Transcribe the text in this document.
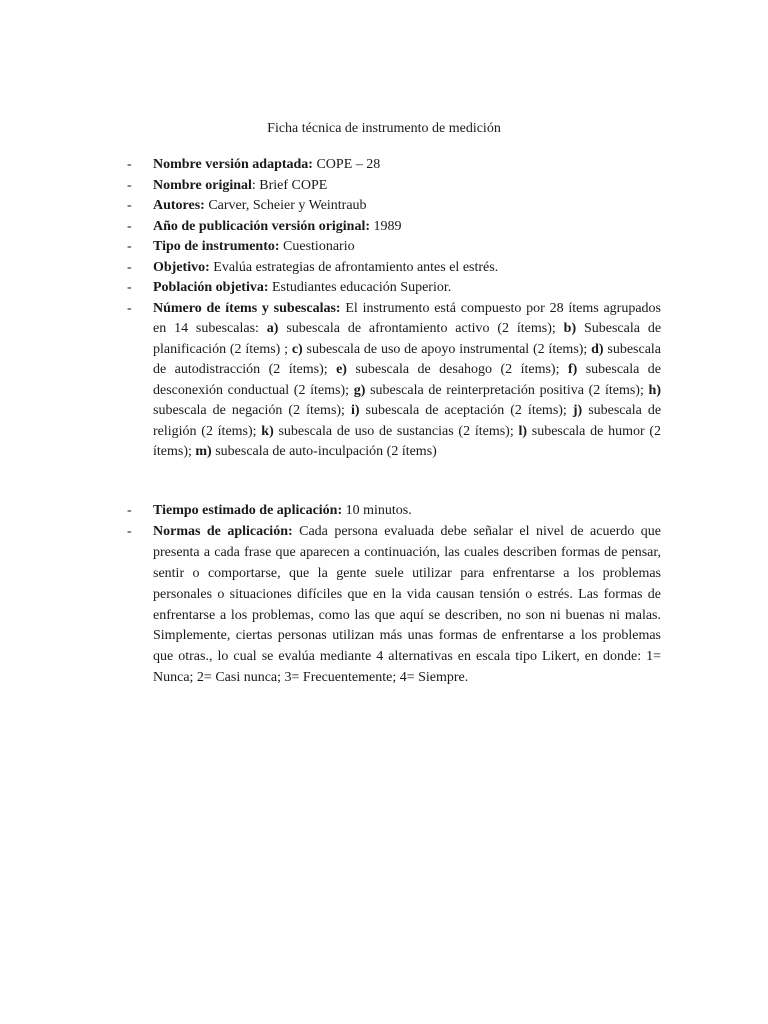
Ficha técnica de instrumento de medición
- Nombre versión adaptada: COPE – 28
- Nombre original: Brief COPE
- Autores: Carver, Scheier y Weintraub
- Año de publicación versión original: 1989
- Tipo de instrumento: Cuestionario
- Objetivo: Evalúa estrategias de afrontamiento antes el estrés.
- Población objetiva: Estudiantes educación Superior.
- Número de ítems y subescalas: El instrumento está compuesto por 28 ítems agrupados en 14 subescalas: a) subescala de afrontamiento activo (2 ítems); b) Subescala de planificación (2 ítems) ; c) subescala de uso de apoyo instrumental (2 ítems); d) subescala de autodistracción (2 ítems); e) subescala de desahogo (2 ítems); f) subescala de desconexión conductual (2 ítems); g) subescala de reinterpretación positiva (2 ítems); h) subescala de negación (2 ítems); i) subescala de aceptación (2 ítems); j) subescala de religión (2 ítems); k) subescala de uso de sustancias (2 ítems); l) subescala de humor (2 ítems); m) subescala de auto-inculpación (2 ítems)
- Tiempo estimado de aplicación: 10 minutos.
- Normas de aplicación: Cada persona evaluada debe señalar el nivel de acuerdo que presenta a cada frase que aparecen a continuación, las cuales describen formas de pensar, sentir o comportarse, que la gente suele utilizar para enfrentarse a los problemas personales o situaciones difíciles que en la vida causan tensión o estrés. Las formas de enfrentarse a los problemas, como las que aquí se describen, no son ni buenas ni malas. Simplemente, ciertas personas utilizan más unas formas de enfrentarse a los problemas que otras., lo cual se evalúa mediante 4 alternativas en escala tipo Likert, en donde: 1= Nunca; 2= Casi nunca; 3= Frecuentemente; 4= Siempre.
